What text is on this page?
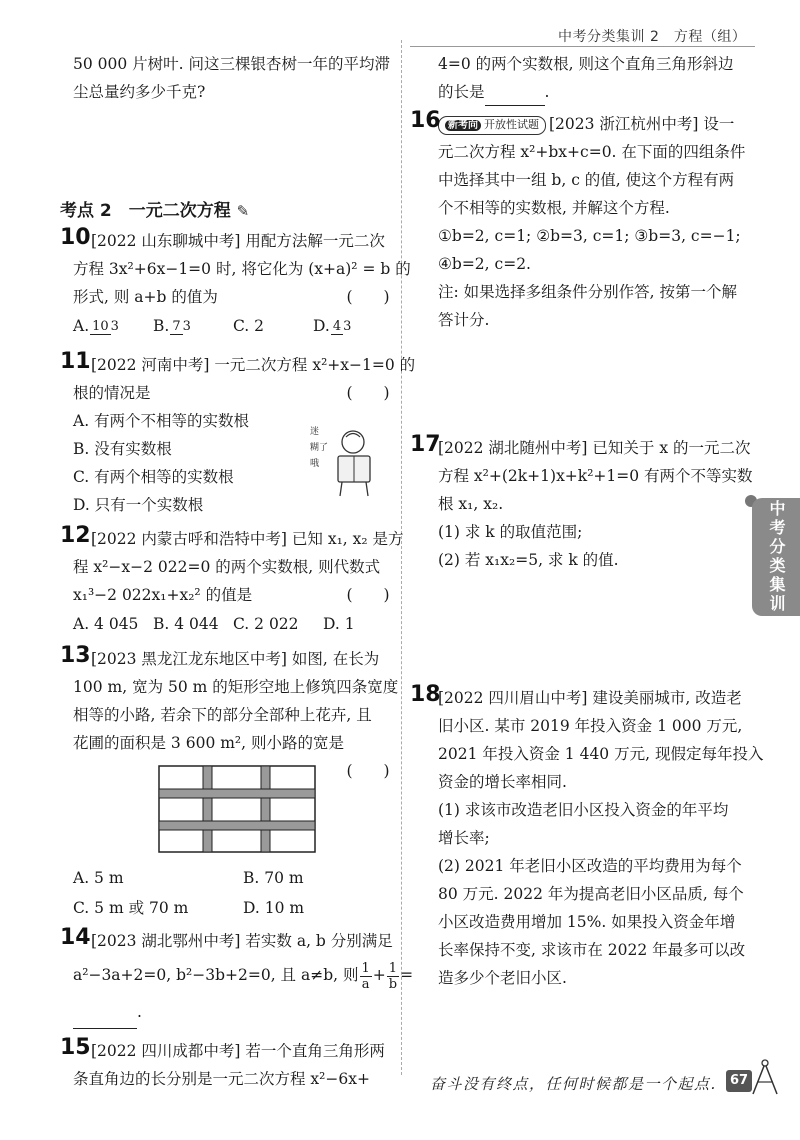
中考分类集训 2　方程（组）
50 000 片树叶. 问这三棵银杏树一年的平均滞
尘总量约多少千克?
考点 2　一元二次方程 ✎
10 [2022 山东聊城中考] 用配方法解一元二次
方程 3x²+6x−1=0 时, 将它化为 (x+a)² = b 的
形式, 则 a+b 的值为	(　　)
A. 10 3	B. 7 3	C. 2	D. 4 3
11 [2022 河南中考] 一元二次方程 x²+x−1=0 的
根的情况是	(　　)
A. 有两个不相等的实数根
B. 没有实数根
C. 有两个相等的实数根
D. 只有一个实数根
12 [2022 内蒙古呼和浩特中考] 已知 x₁, x₂ 是方
程 x²−x−2 022=0 的两个实数根, 则代数式
x₁³−2 022x₁+x₂² 的值是	(　　)
A. 4 045 B. 4 044 C. 2 022	D. 1
13 [2023 黑龙江龙东地区中考] 如图, 在长为
100 m, 宽为 50 m 的矩形空地上修筑四条宽度
相等的小路, 若余下的部分全部种上花卉, 且
花圃的面积是 3 600 m², 则小路的宽是
(　　)
A. 5 m	B. 70 m
C. 5 m 或 70 m	D. 10 m
14 [2023 湖北鄂州中考] 若实数 a, b 分别满足
a²−3a+2=0, b²−3b+2=0, 且 a≠b, 则 $\frac{1}{a} + \frac{1}{b}$ =
.
15 [2022 四川成都中考] 若一个直角三角形两
条直角边的长分别是一元二次方程 x²−6x+
迷
糊了
哦
4=0 的两个实数根, 则这个直角三角形斜边
的长是	.
16 新考向 开放性试题 [2023 浙江杭州中考] 设一
元二次方程 x²+bx+c=0. 在下面的四组条件
中选择其中一组 b, c 的值, 使这个方程有两
个不相等的实数根, 并解这个方程.
①b=2, c=1; ②b=3, c=1; ③b=3, c=−1;
④b=2, c=2.
注: 如果选择多组条件分别作答, 按第一个解
答计分.
17
[2022 湖北随州中考] 已知关于 x 的一元二次
方程 x²+(2k+1)x+k²+1=0 有两个不等实数
根 x₁, x₂.
(1) 求 k 的取值范围;
(2) 若 x₁x₂=5, 求 k 的值.
18
[2022 四川眉山中考] 建设美丽城市, 改造老
旧小区. 某市 2019 年投入资金 1 000 万元,
2021 年投入资金 1 440 万元, 现假定每年投入
资金的增长率相同.
(1) 求该市改造老旧小区投入资金的年平均
增长率;
(2) 2021 年老旧小区改造的平均费用为每个
80 万元. 2022 年为提高老旧小区品质, 每个
小区改造费用增加 15%. 如果投入资金年增
长率保持不变, 求该市在 2022 年最多可以改
造多少个老旧小区.
中考分类集训
奋斗没有终点，任何时候都是一个起点.	67
